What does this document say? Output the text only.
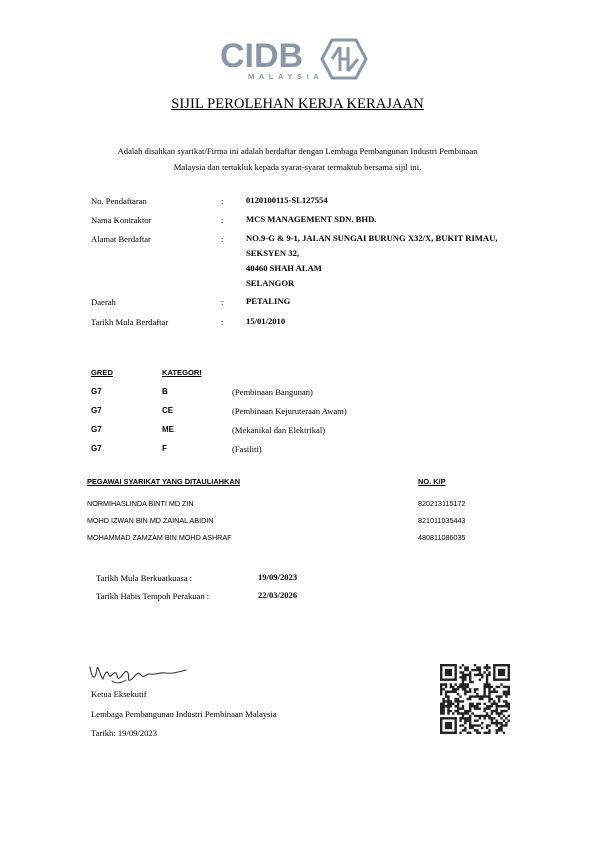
CIDB
MALAYSIA
SIJIL PEROLEHAN KERJA KERAJAAN
Adalah disahkan syarikat/Firma ini adalah berdaftar dengan Lembaga Pembangunan Industri Pembinaan
Malaysia dan tertakluk kepada syarat-syarat termaktub bersama sijil ini.
No. Pendaftaran	:	0120100115-SL127554
Nama Kontraktor	:	MCS MANAGEMENT SDN. BHD.
Alamat Berdaftar	:	NO.9-G & 9-1, JALAN SUNGAI BURUNG X32/X, BUKIT RIMAU,
SEKSYEN 32,
40460 SHAH ALAM
SELANGOR
Daerah	:	PETALING
Tarikh Mula Berdaftar	:	15/01/2010
GRED	KATEGORI
G7	B	(Pembinaan Bangunan)
G7	CE	(Pembinaan Kejuruteraan Awam)
G7	ME	(Mekanikal dan Elektrikal)
G7	F	(Fasiliti)
PEGAWAI SYARIKAT YANG DITAULIAHKAN	NO. K/P
NORMIHASLINDA BINTI MD ZIN	820213115172
MOHD IZWAN BIN MD ZAINAL ABIDIN	821011035443
MOHAMMAD ZAMZAM BIN MOHD ASHRAF	480811086035
Tarikh Mula Berkuatkuasa :	19/09/2023
Tarikh Habis Tempoh Perakuan :	22/03/2026
Ketua Eksekutif
Lembaga Pembangunan Industri Pembinaan Malaysia
Tarikh: 19/09/2023
